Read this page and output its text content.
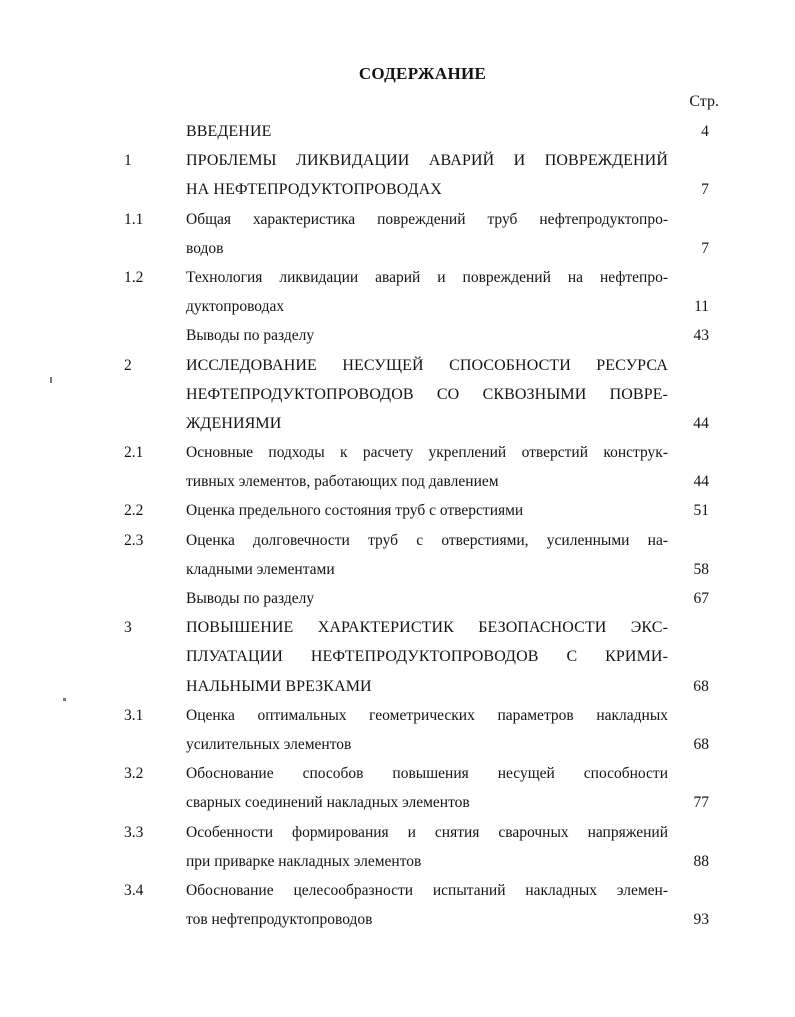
СОДЕРЖАНИЕ
Стр.
ВВЕДЕНИЕ	4
1	ПРОБЛЕМЫ ЛИКВИДАЦИИ АВАРИЙ И ПОВРЕЖДЕНИЙ
НА НЕФТЕПРОДУКТОПРОВОДАХ	7
1.1	Общая характеристика повреждений труб нефтепродуктопро-
водов	7
1.2	Технология ликвидации аварий и повреждений на нефтепро-
дуктопроводах	11
Выводы по разделу	43
2	ИССЛЕДОВАНИЕ НЕСУЩЕЙ СПОСОБНОСТИ РЕСУРСА
НЕФТЕПРОДУКТОПРОВОДОВ СО СКВОЗНЫМИ ПОВРЕ-
ЖДЕНИЯМИ	44
2.1	Основные подходы к расчету укреплений отверстий конструк-
тивных элементов, работающих под давлением	44
2.2	Оценка предельного состояния труб с отверстиями	51
2.3	Оценка долговечности труб с отверстиями, усиленными на-
кладными элементами	58
Выводы по разделу	67
3	ПОВЫШЕНИЕ ХАРАКТЕРИСТИК БЕЗОПАСНОСТИ ЭКС-
ПЛУАТАЦИИ НЕФТЕПРОДУКТОПРОВОДОВ С КРИМИ-
НАЛЬНЫМИ ВРЕЗКАМИ	68
3.1	Оценка оптимальных геометрических параметров накладных
усилительных элементов	68
3.2	Обоснование способов повышения несущей способности
сварных соединений накладных элементов	77
3.3	Особенности формирования и снятия сварочных напряжений
при приварке накладных элементов	88
3.4	Обоснование целесообразности испытаний накладных элемен-
тов нефтепродуктопроводов	93
